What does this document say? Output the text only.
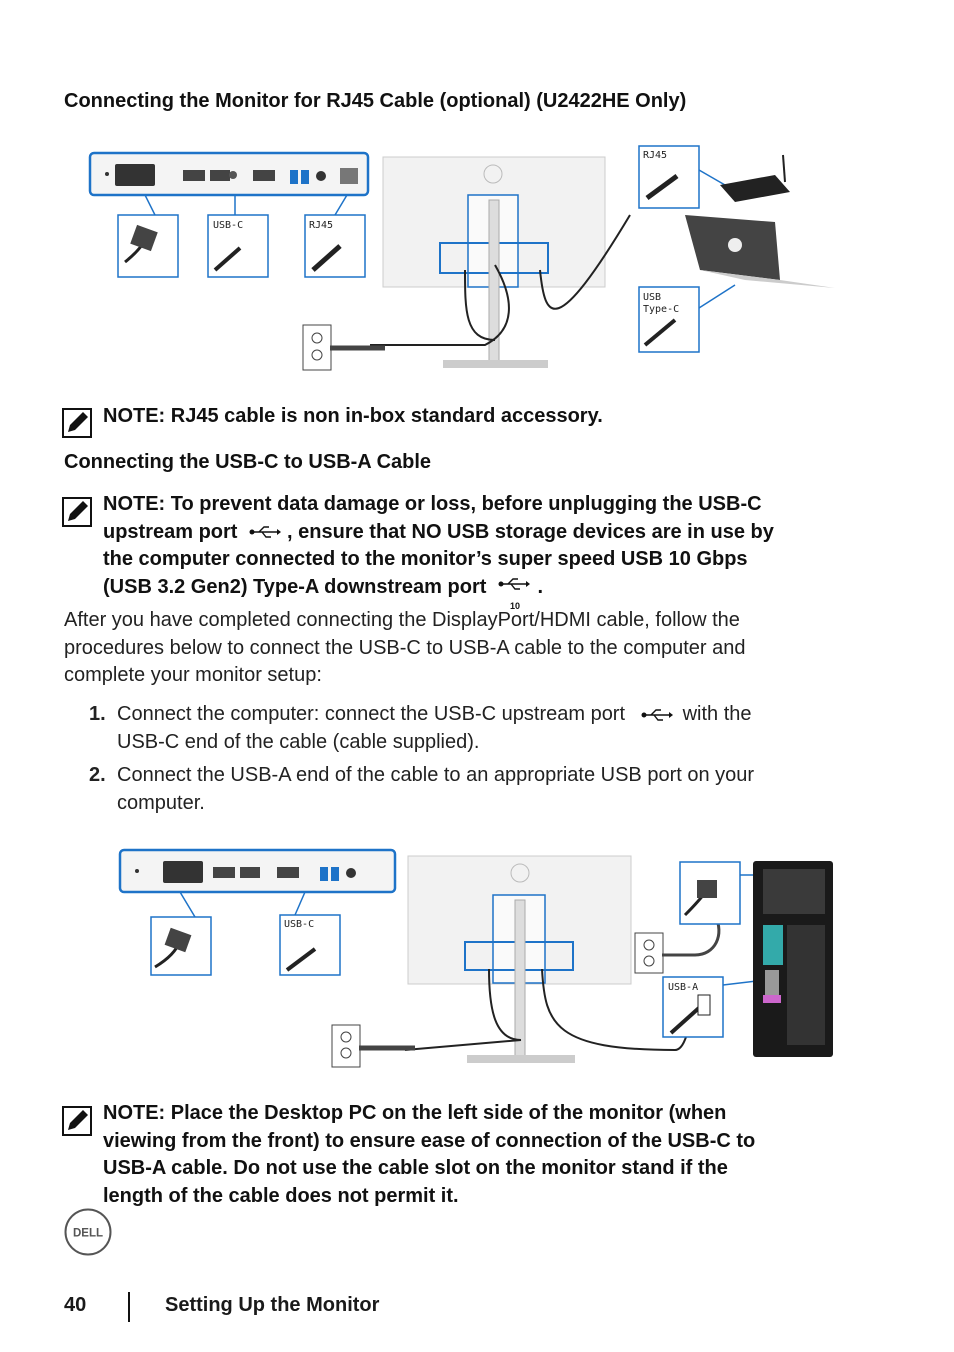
Connecting the Monitor for RJ45 Cable (optional) (U2422HE Only)
USB-C	RJ45
RJ45
USB
Type-C
NOTE: RJ45 cable is non in-box standard accessory.
Connecting the USB-C to USB-A Cable
NOTE: To prevent data damage or loss, before unplugging the USB-C
upstream port , ensure that NO USB storage devices are in use by
the computer connected to the monitor’s super speed USB 10 Gbps
(USB 3.2 Gen2) Type-A downstream port
10
.
After you have completed connecting the DisplayPort/HDMI cable, follow the
procedures below to connect the USB-C to USB-A cable to the computer and
complete your monitor setup:
1. Connect the computer: connect the USB-C upstream port	with the
USB-C end of the cable (cable supplied).
2. Connect the USB-A end of the cable to an appropriate USB port on your
computer.
USB-C
USB-A
NOTE: Place the Desktop PC on the left side of the monitor (when
viewing from the front) to ensure ease of connection of the USB-C to
USB-A cable. Do not use the cable slot on the monitor stand if the
length of the cable does not permit it.
DELL
40	Setting Up the Monitor
